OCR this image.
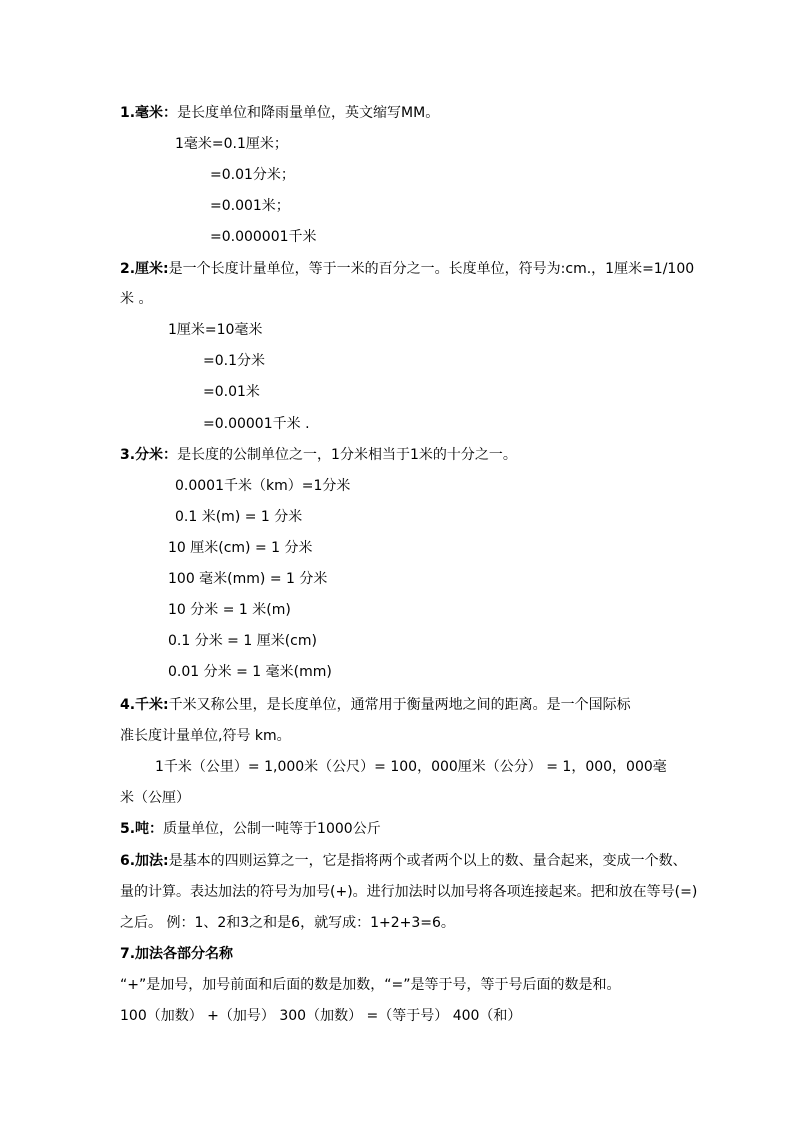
1.毫米：是长度单位和降雨量单位，英文缩写MM。
1毫米=0.1厘米；
=0.01分米；
=0.001米；
=0.000001千米
2.厘米:是一个长度计量单位，等于一米的百分之一。长度单位，符号为:cm.，1厘米=1/100
米 。
1厘米=10毫米
=0.1分米
=0.01米
=0.00001千米 .
3.分米：是长度的公制单位之一，1分米相当于1米的十分之一。
0.0001千米（km）=1分米
0.1 米(m) = 1 分米
10 厘米(cm) = 1 分米
100 毫米(mm) = 1 分米
10 分米 = 1 米(m)
0.1 分米 = 1 厘米(cm)
0.01 分米 = 1 毫米(mm)
4.千米:千米又称公里，是长度单位，通常用于衡量两地之间的距离。是一个国际标
准长度计量单位,符号 km。
1千米（公里）= 1,000米（公尺）= 100，000厘米（公分） = 1，000，000毫
米（公厘）
5.吨：质量单位，公制一吨等于1000公斤
6.加法:是基本的四则运算之一，它是指将两个或者两个以上的数、量合起来，变成一个数、
量的计算。表达加法的符号为加号(+)。进行加法时以加号将各项连接起来。把和放在等号(=)
之后。 例：1、2和3之和是6，就写成：1+2+3=6。
7.加法各部分名称
“+”是加号，加号前面和后面的数是加数，“=”是等于号，等于号后面的数是和。
100（加数） +（加号） 300（加数） =（等于号） 400（和）
